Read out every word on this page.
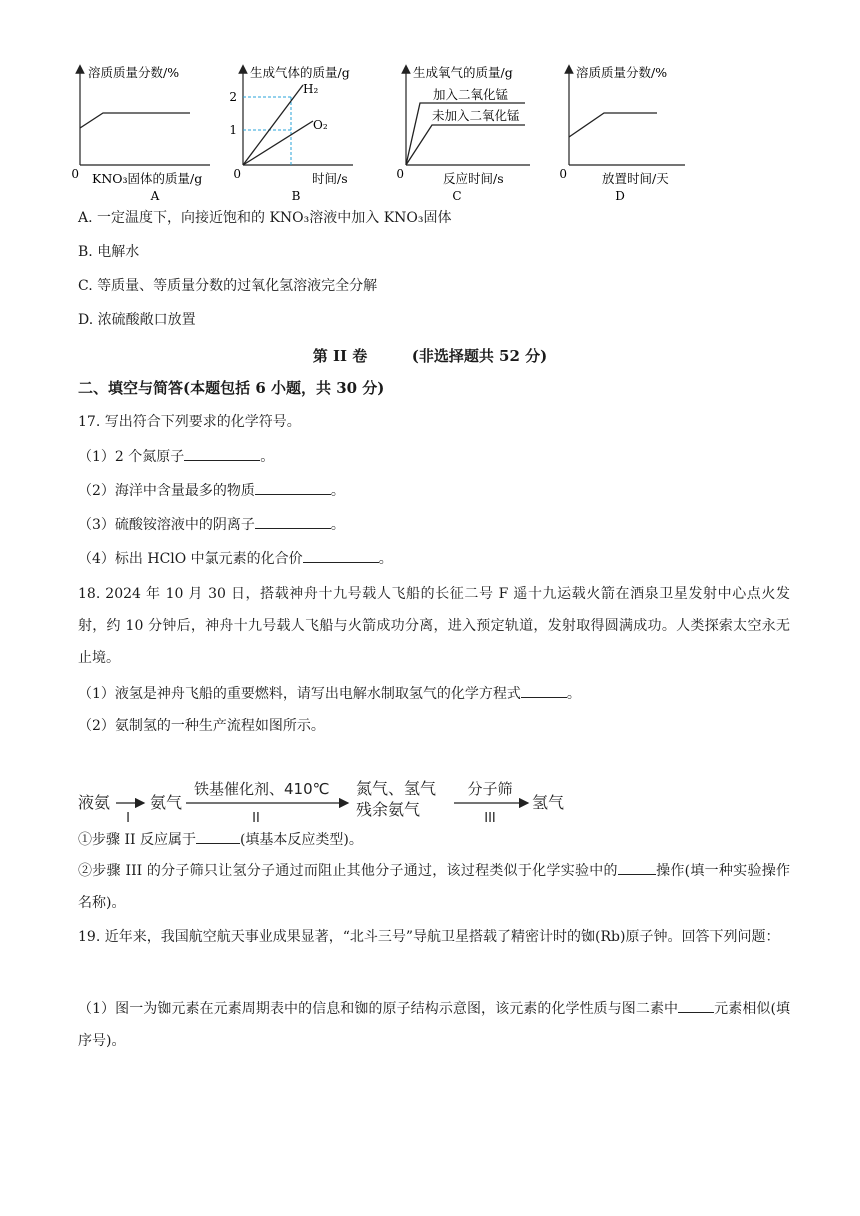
溶质质量分数/%
0 KNO₃固体的质量/g
A
生成气体的质量/g
2
1
H₂
O₂
0	时间/s
B
生成氧气的质量/g
加入二氧化锰
未加入二氧化锰
0	反应时间/s
C
溶质质量分数/%
0	放置时间/天
D
A. 一定温度下，向接近饱和的 KNO₃溶液中加入 KNO₃固体
B. 电解水
C. 等质量、等质量分数的过氧化氢溶液完全分解
D. 浓硫酸敞口放置
第 II 卷	(非选择题共 52 分)
二、填空与简答(本题包括 6 小题，共 30 分)
17. 写出符合下列要求的化学符号。
（1）2 个氮原子	。
（2）海洋中含量最多的物质	。
（3）硫酸铵溶液中的阴离子	。
（4）标出 HClO 中氯元素的化合价	。
18. 2024 年 10 月 30 日，搭载神舟十九号载人飞船的长征二号 F 遥十九运载火箭在酒泉卫星发射中心点火发射，约 10 分钟后，神舟十九号载人飞船与火箭成功分离，进入预定轨道，发射取得圆满成功。人类探索太空永无止境。
（1）液氢是神舟飞船的重要燃料，请写出电解水制取氢气的化学方程式	。
（2）氨制氢的一种生产流程如图所示。
液氨
I
氨气
铁基催化剂、410℃
II
氮气、氢气
残余氨气
分子筛
III
氢气
①步骤 II 反应属于	(填基本反应类型)。
②步骤 III 的分子筛只让氢分子通过而阻止其他分子通过，该过程类似于化学实验中的	操作(填一种实验操作名称)。
19. 近年来，我国航空航天事业成果显著，“北斗三号”导航卫星搭载了精密计时的铷(Rb)原子钟。回答下列问题：
（1）图一为铷元素在元素周期表中的信息和铷的原子结构示意图，该元素的化学性质与图二素中	元素相似(填序号)。
